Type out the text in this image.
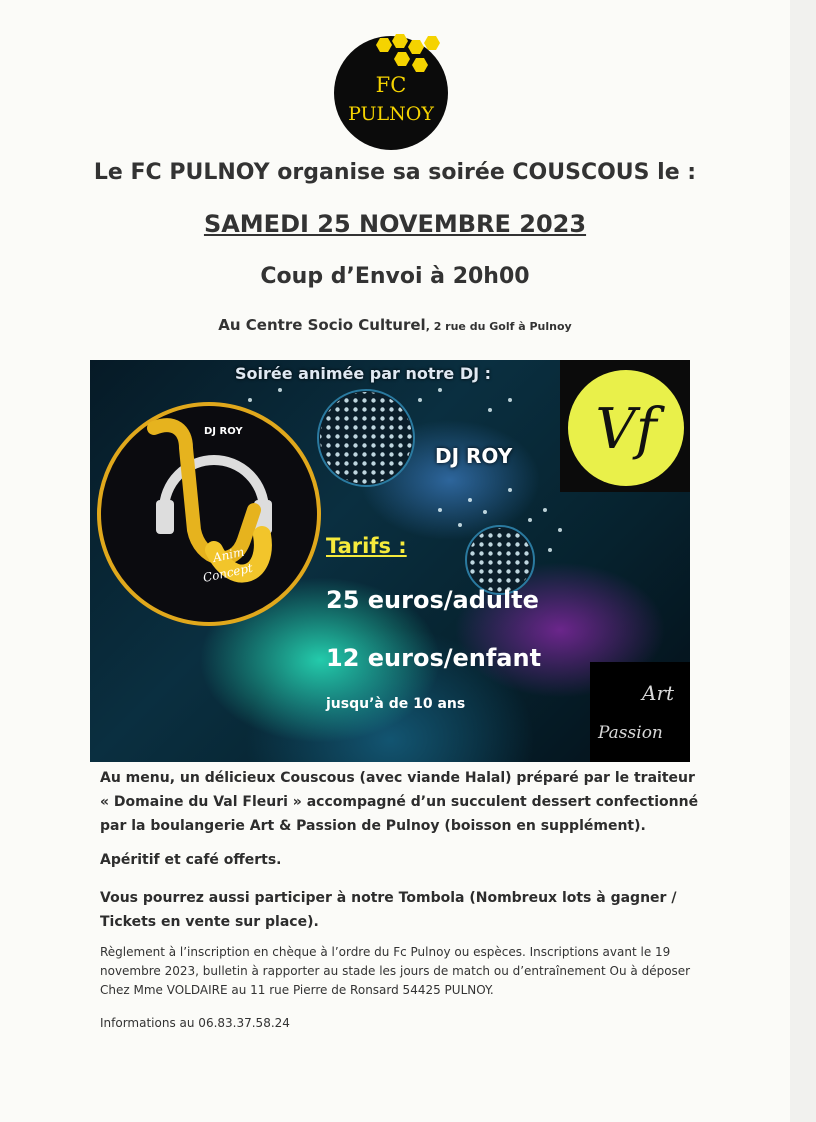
FC
PULNOY
Le FC PULNOY organise sa soirée COUSCOUS le :
SAMEDI 25 NOVEMBRE 2023
Coup d’Envoi à 20h00
Au Centre Socio Culturel, 2 rue du Golf à Pulnoy
DJ ROY
Anim
Concept
Vf
Art
Passion
Soirée animée par notre DJ :
DJ ROY
Tarifs :
25 euros/adulte
12 euros/enfant
jusqu’à de 10 ans
Au menu, un délicieux Couscous (avec viande Halal) préparé par le traiteur « Domaine du Val Fleuri » accompagné d’un succulent dessert confectionné par la boulangerie Art & Passion de Pulnoy (boisson en supplément).
Apéritif et café offerts.
Vous pourrez aussi participer à notre Tombola (Nombreux lots à gagner / Tickets en vente sur place).
Règlement à l’inscription en chèque à l’ordre du Fc Pulnoy ou espèces. Inscriptions avant le 19 novembre 2023, bulletin à rapporter au stade les jours de match ou d’entraînement Ou à déposer Chez Mme VOLDAIRE au 11 rue Pierre de Ronsard 54425 PULNOY.
Informations au 06.83.37.58.24
